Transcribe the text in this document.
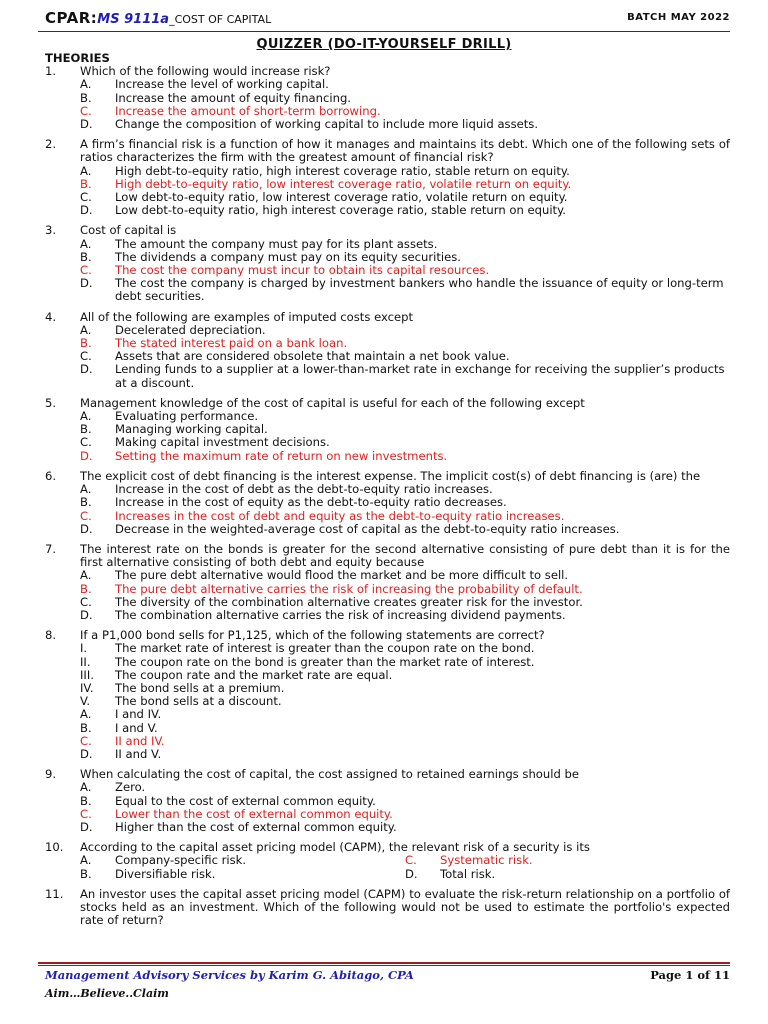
CPAR:MS 9111a_COST OF CAPITAL	BATCH MAY 2022
QUIZZER (DO-IT-YOURSELF DRILL)
THEORIES
1. Which of the following would increase risk?
A. Increase the level of working capital.
B. Increase the amount of equity financing.
C. Increase the amount of short-term borrowing.
D. Change the composition of working capital to include more liquid assets.
2. A firm’s financial risk is a function of how it manages and maintains its debt. Which one of the following sets of ratios characterizes the firm with the greatest amount of financial risk?
A. High debt-to-equity ratio, high interest coverage ratio, stable return on equity.
B. High debt-to-equity ratio, low interest coverage ratio, volatile return on equity.
C. Low debt-to-equity ratio, low interest coverage ratio, volatile return on equity.
D. Low debt-to-equity ratio, high interest coverage ratio, stable return on equity.
3. Cost of capital is
A. The amount the company must pay for its plant assets.
B. The dividends a company must pay on its equity securities.
C. The cost the company must incur to obtain its capital resources.
D. The cost the company is charged by investment bankers who handle the issuance of equity or long-term debt securities.
4. All of the following are examples of imputed costs except
A. Decelerated depreciation.
B. The stated interest paid on a bank loan.
C. Assets that are considered obsolete that maintain a net book value.
D. Lending funds to a supplier at a lower-than-market rate in exchange for receiving the supplier’s products at a discount.
5. Management knowledge of the cost of capital is useful for each of the following except
A. Evaluating performance.
B. Managing working capital.
C. Making capital investment decisions.
D. Setting the maximum rate of return on new investments.
6. The explicit cost of debt financing is the interest expense. The implicit cost(s) of debt financing is (are) the
A. Increase in the cost of debt as the debt-to-equity ratio increases.
B. Increase in the cost of equity as the debt-to-equity ratio decreases.
C. Increases in the cost of debt and equity as the debt-to-equity ratio increases.
D. Decrease in the weighted-average cost of capital as the debt-to-equity ratio increases.
7. The interest rate on the bonds is greater for the second alternative consisting of pure debt than it is for the first alternative consisting of both debt and equity because
A. The pure debt alternative would flood the market and be more difficult to sell.
B. The pure debt alternative carries the risk of increasing the probability of default.
C. The diversity of the combination alternative creates greater risk for the investor.
D. The combination alternative carries the risk of increasing dividend payments.
8. If a P1,000 bond sells for P1,125, which of the following statements are correct?
I. The market rate of interest is greater than the coupon rate on the bond.
II. The coupon rate on the bond is greater than the market rate of interest.
III. The coupon rate and the market rate are equal.
IV. The bond sells at a premium.
V. The bond sells at a discount.
A. I and IV.
B. I and V.
C. II and IV.
D. II and V.
9. When calculating the cost of capital, the cost assigned to retained earnings should be
A. Zero.
B. Equal to the cost of external common equity.
C. Lower than the cost of external common equity.
D. Higher than the cost of external common equity.
10. According to the capital asset pricing model (CAPM), the relevant risk of a security is its
A. Company-specific risk.	C. Systematic risk.
B. Diversifiable risk.	D. Total risk.
11. An investor uses the capital asset pricing model (CAPM) to evaluate the risk-return relationship on a portfolio of stocks held as an investment. Which of the following would not be used to estimate the portfolio's expected rate of return?
Management Advisory Services by Karim G. Abitago, CPA	Page 1 of 11
Aim…Believe..Claim
